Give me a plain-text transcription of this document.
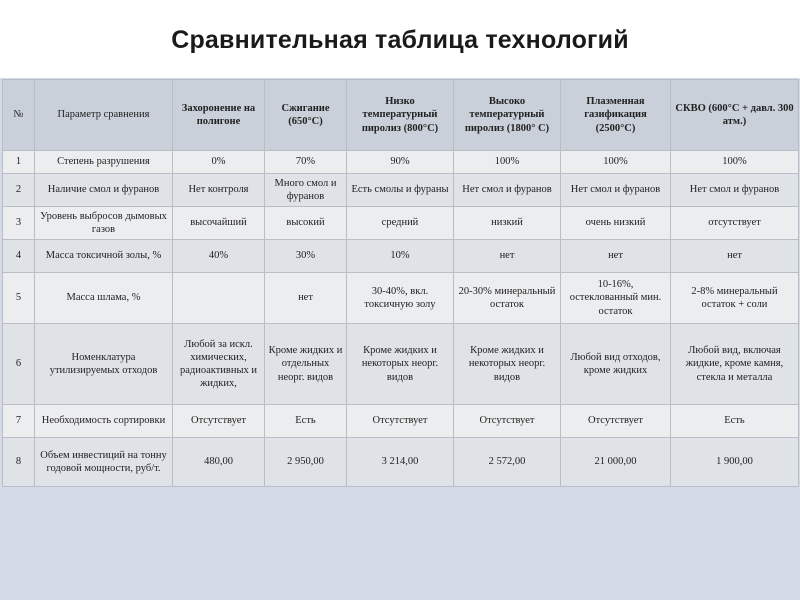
Сравнительная таблица технологий
№	Параметр сравнения	Захоронение на полигоне	Сжигание (650°С)	Низко температурный пиролиз (800°С)	Высоко температурный пиролиз (1800° С)	Плазменная газификация (2500°С)	СКВО (600°С + давл. 300 атм.)
1	Степень разрушения	0%	70%	90%	100%	100%	100%
2	Наличие смол и фуранов	Нет контроля	Много смол и фуранов	Есть смолы и фураны	Нет смол и фуранов	Нет смол и фуранов	Нет смол и фуранов
3	Уровень выбросов дымовых газов	высочайший	высокий	средний	низкий	очень низкий	отсутствует
4	Масса токсичной золы, %	40%	30%	10%	нет	нет	нет
5	Масса шлама, %		нет	30-40%, вкл. токсичную золу	20-30% минеральный остаток	10-16%, остеклованный мин. остаток	2-8% минеральный остаток + соли
6	Номенклатура утилизируемых отходов	Любой за искл. химических, радиоактивных и жидких,	Кроме жидких и отдельных неорг. видов	Кроме жидких и некоторых неорг. видов	Кроме жидких и некоторых неорг. видов	Любой вид отходов, кроме жидких	Любой вид, включая жидкие, кроме камня, стекла и металла
7	Необходимость сортировки	Отсутствует	Есть	Отсутствует	Отсутствует	Отсутствует	Есть
8	Объем инвестиций на тонну годовой мощности, руб/т.	480,00	2 950,00	3 214,00	2 572,00	21 000,00	1 900,00
